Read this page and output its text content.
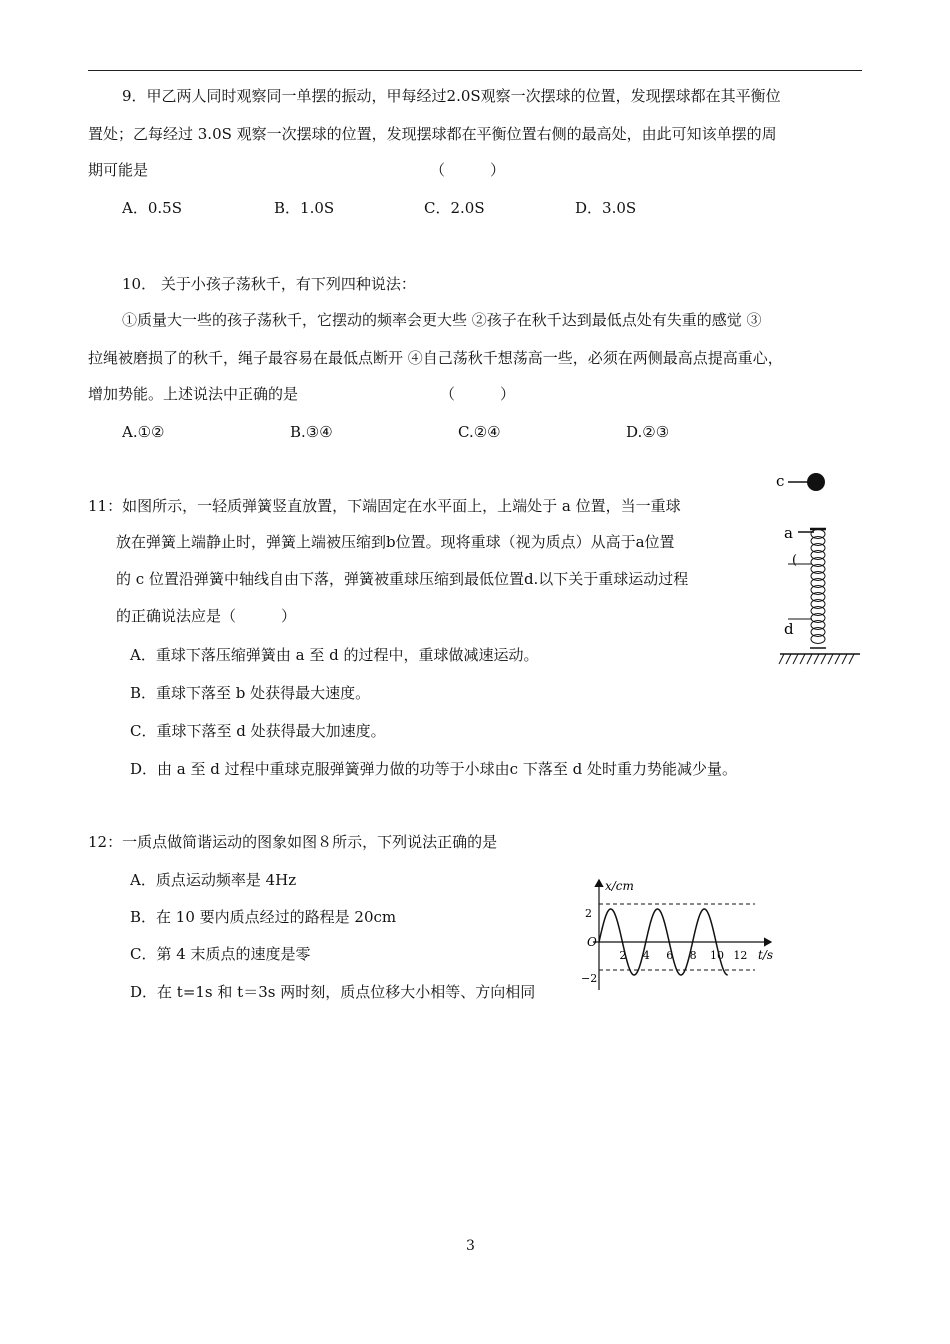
9．甲乙两人同时观察同一单摆的振动，甲每经过2.0S观察一次摆球的位置，发现摆球都在其平衡位
置处；乙每经过 3.0S 观察一次摆球的位置，发现摆球都在平衡位置右侧的最高处，由此可知该单摆的周
期可能是	（　　　）
A．0.5S	B．1.0S	C．2.0S	D．3.0S
10． 关于小孩子荡秋千，有下列四种说法：
①质量大一些的孩子荡秋千，它摆动的频率会更大些 ②孩子在秋千达到最低点处有失重的感觉 ③
拉绳被磨损了的秋千，绳子最容易在最低点断开 ④自己荡秋千想荡高一些，必须在两侧最高点提高重心，
增加势能。上述说法中正确的是	（　　　）
A.①②	B.③④	C.②④	D.②③
11：如图所示，一轻质弹簧竖直放置，下端固定在水平面上，上端处于 a 位置，当一重球
放在弹簧上端静止时，弹簧上端被压缩到b位置。现将重球（视为质点）从高于a位置
的 c 位置沿弹簧中轴线自由下落，弹簧被重球压缩到最低位置d.以下关于重球运动过程
的正确说法应是（　　　）
A．重球下落压缩弹簧由 a 至 d 的过程中，重球做减速运动。
B．重球下落至 b 处获得最大速度。
C．重球下落至 d 处获得最大加速度。
D．由 a 至 d 过程中重球克服弹簧弹力做的功等于小球由c 下落至 d 处时重力势能减少量。
c
a
(
d
12：一质点做简谐运动的图象如图８所示，下列说法正确的是
A．质点运动频率是 4Hz
B．在 10 要内质点经过的路程是 20cm
C．第 4 末质点的速度是零
D．在 t=1s 和 t＝3s 两时刻，质点位移大小相等、方向相同
x/cm
t/s
O
2
−2
2 4 6 8 10 12
3
